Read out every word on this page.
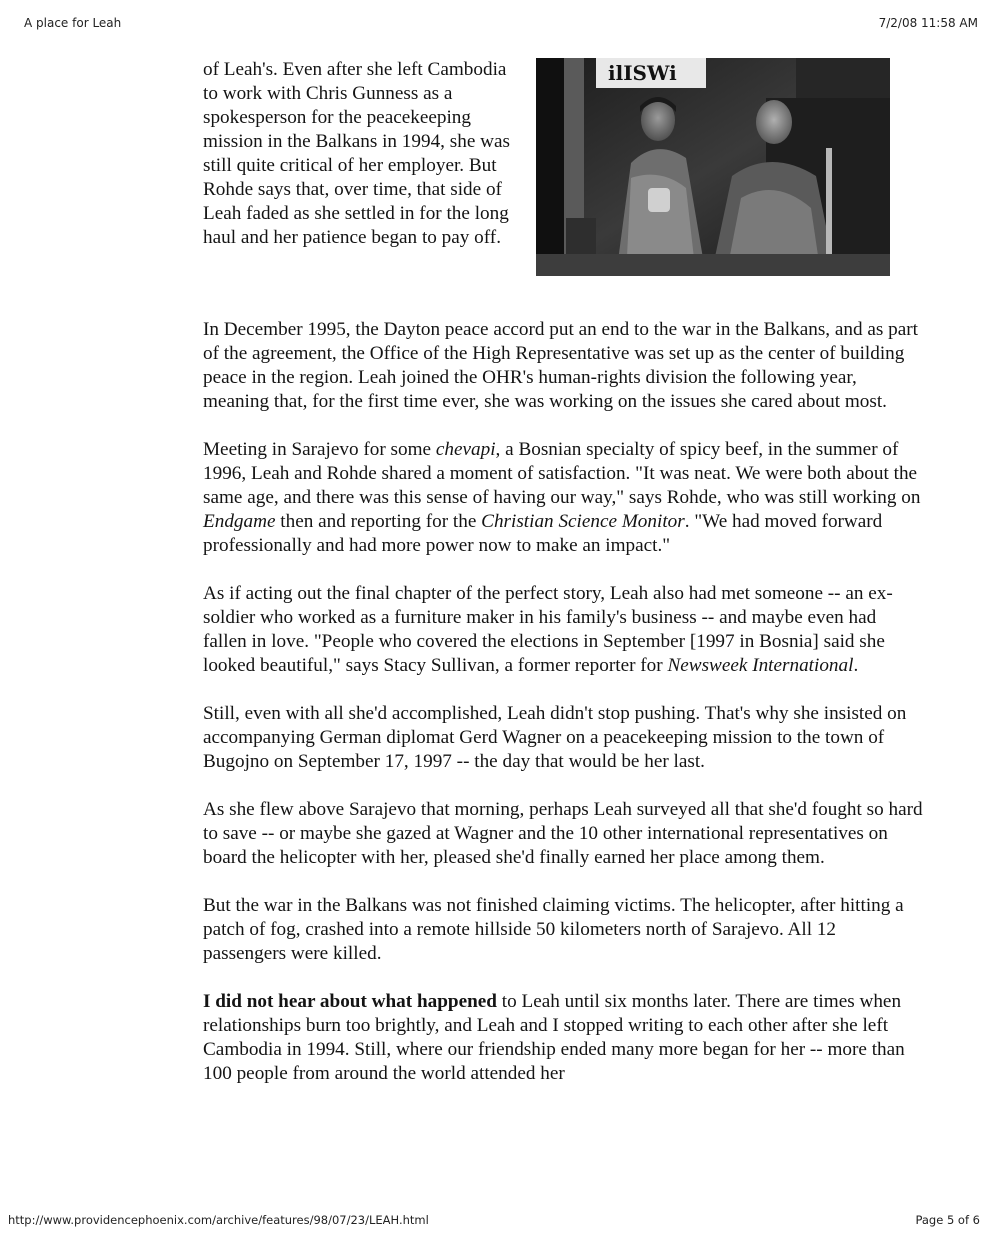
A place for Leah	7/2/08 11:58 AM
of Leah's. Even after she left Cambodia to work with Chris Gunness as a spokesperson for the peacekeeping mission in the Balkans in 1994, she was still quite critical of her employer. But Rohde says that, over time, that side of Leah faded as she settled in for the long haul and her patience began to pay off.
ilISWi

In December 1995, the Dayton peace accord put an end to the war in the Balkans, and as part of the agreement, the Office of the High Representative was set up as the center of building peace in the region. Leah joined the OHR's human-rights division the following year, meaning that, for the first time ever, she was working on the issues she cared about most.

Meeting in Sarajevo for some chevapi, a Bosnian specialty of spicy beef, in the summer of 1996, Leah and Rohde shared a moment of satisfaction. "It was neat. We were both about the same age, and there was this sense of having our way," says Rohde, who was still working on Endgame then and reporting for the Christian Science Monitor. "We had moved forward professionally and had more power now to make an impact."

As if acting out the final chapter of the perfect story, Leah also had met someone -- an ex-soldier who worked as a furniture maker in his family's business -- and maybe even had fallen in love. "People who covered the elections in September [1997 in Bosnia] said she looked beautiful," says Stacy Sullivan, a former reporter for Newsweek International.

Still, even with all she'd accomplished, Leah didn't stop pushing. That's why she insisted on accompanying German diplomat Gerd Wagner on a peacekeeping mission to the town of Bugojno on September 17, 1997 -- the day that would be her last.

As she flew above Sarajevo that morning, perhaps Leah surveyed all that she'd fought so hard to save -- or maybe she gazed at Wagner and the 10 other international representatives on board the helicopter with her, pleased she'd finally earned her place among them.

But the war in the Balkans was not finished claiming victims. The helicopter, after hitting a patch of fog, crashed into a remote hillside 50 kilometers north of Sarajevo. All 12 passengers were killed.

I did not hear about what happened to Leah until six months later. There are times when relationships burn too brightly, and Leah and I stopped writing to each other after she left Cambodia in 1994. Still, where our friendship ended many more began for her -- more than 100 people from around the world attended her

http://www.providencephoenix.com/archive/features/98/07/23/LEAH.html	Page 5 of 6
